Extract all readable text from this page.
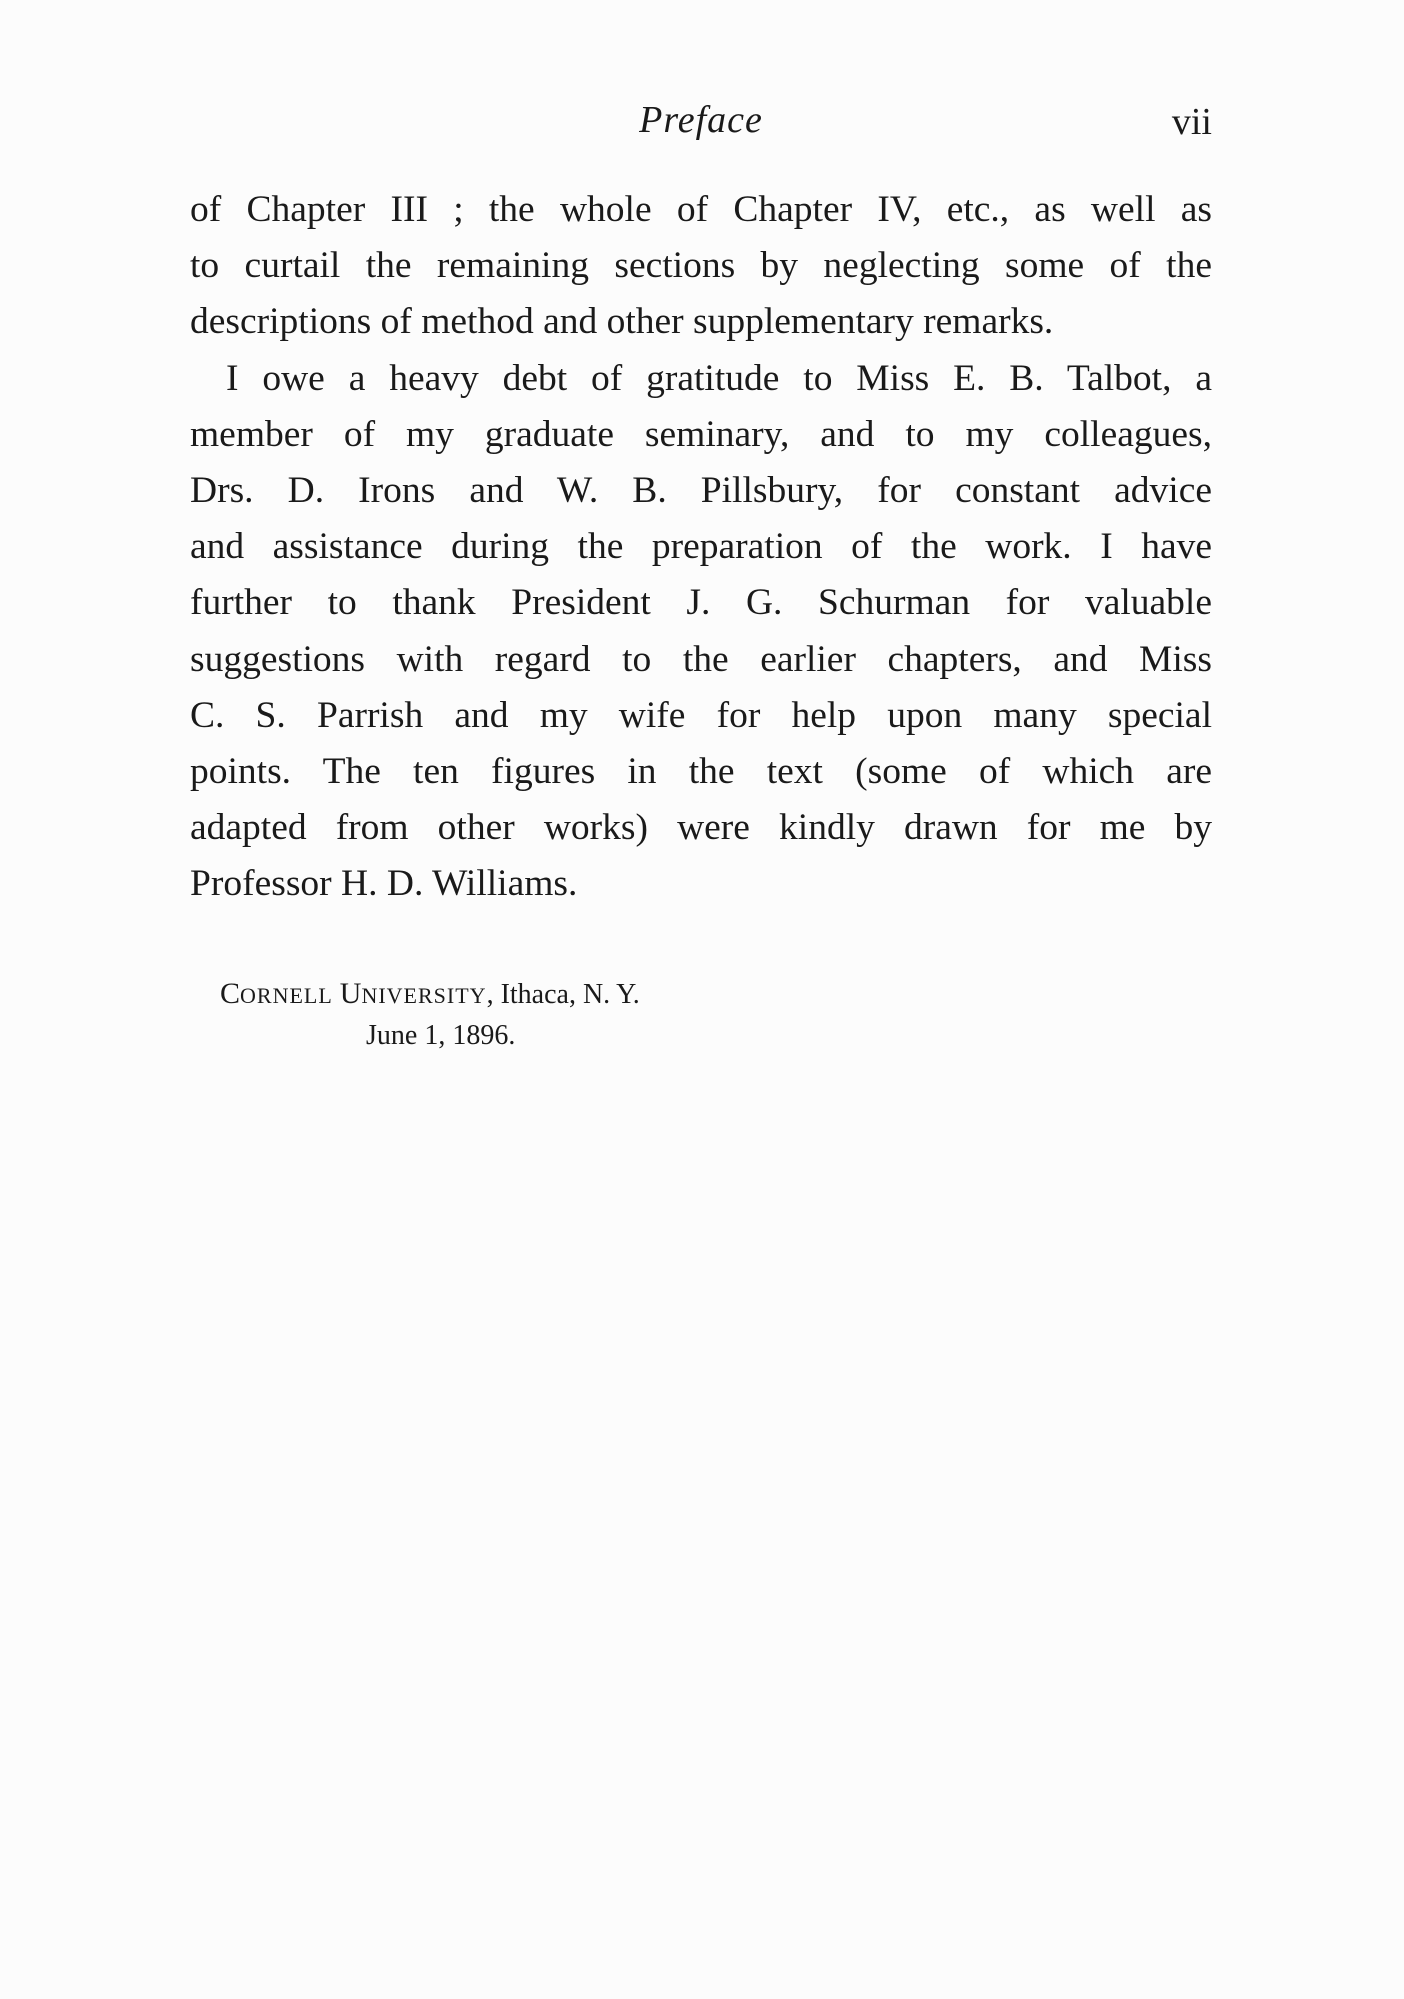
Preface	vii

of Chapter III ; the whole of Chapter IV, etc., as well as
to curtail the remaining sections by neglecting some of the
descriptions of method and other supplementary remarks.

I owe a heavy debt of gratitude to Miss E. B. Talbot, a
member of my graduate seminary, and to my colleagues,
Drs. D. Irons and W. B. Pillsbury, for constant advice
and assistance during the preparation of the work. I have
further to thank President J. G. Schurman for valuable
suggestions with regard to the earlier chapters, and Miss
C. S. Parrish and my wife for help upon many special
points. The ten figures in the text (some of which are
adapted from other works) were kindly drawn for me by
Professor H. D. Williams.

CORNELL UNIVERSITY, Ithaca, N. Y.
June 1, 1896.
